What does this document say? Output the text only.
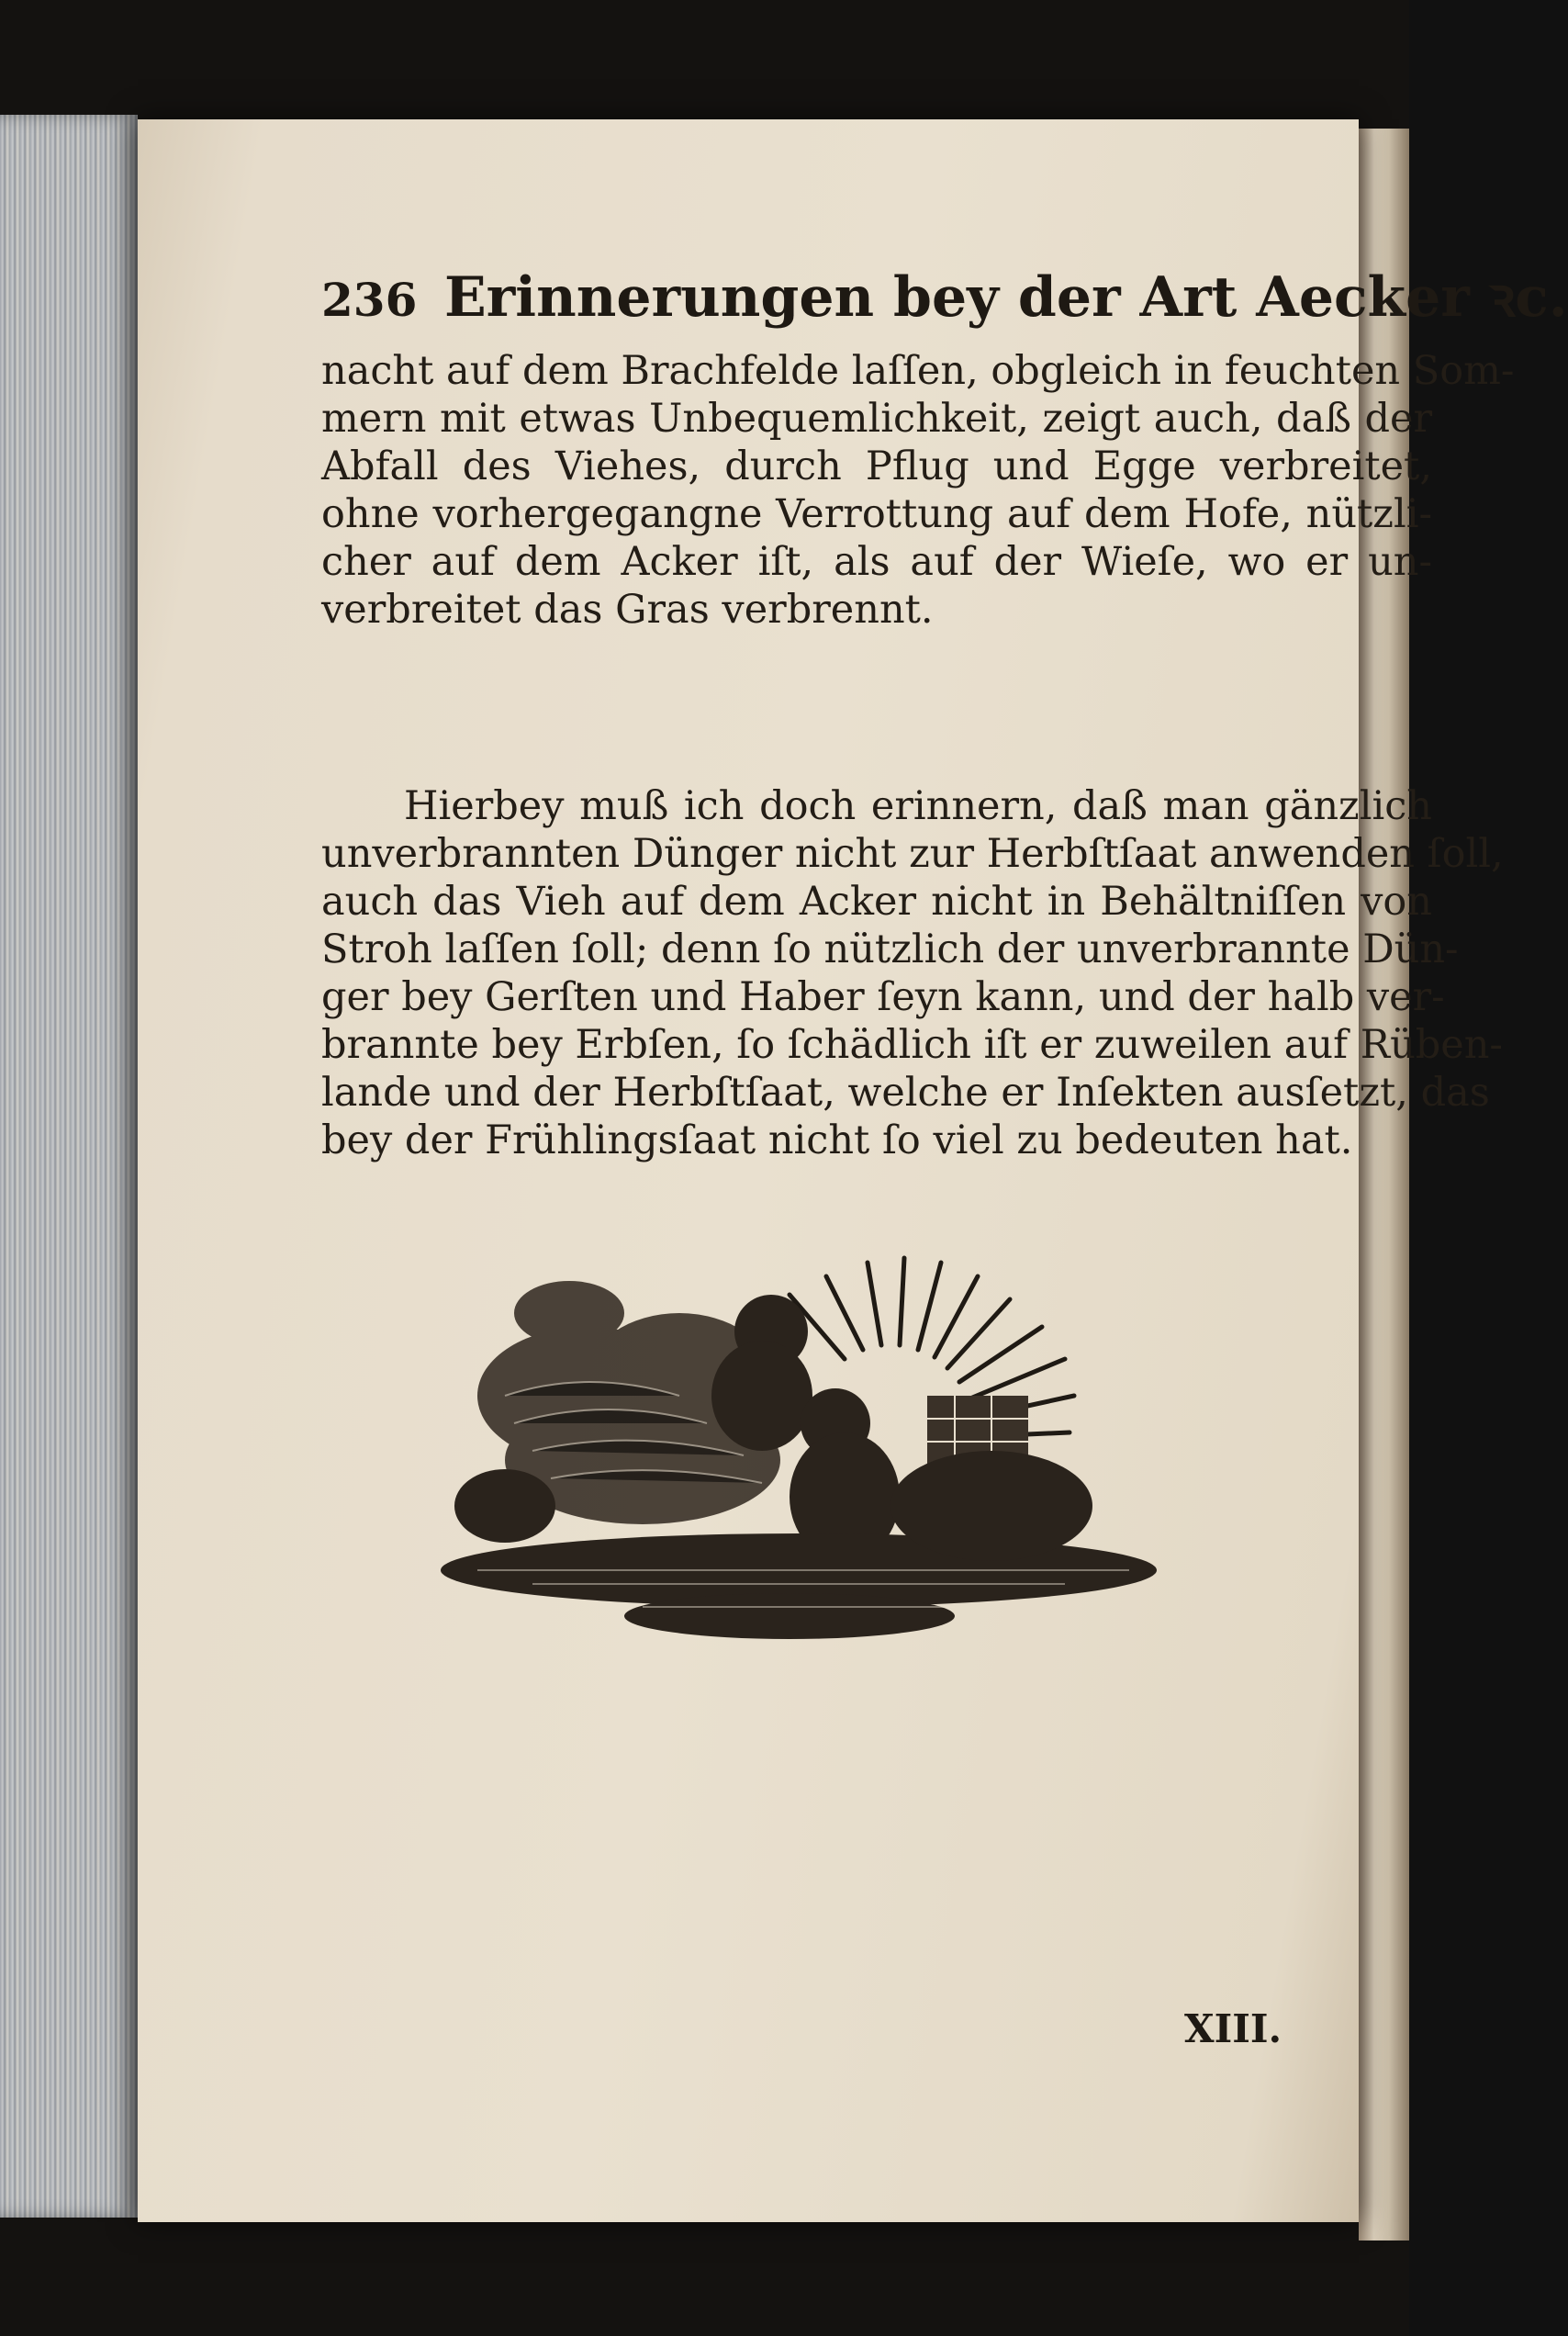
236 Erinnerungen bey der Art Aecker ꝛc.
nacht auf dem Brachfelde laſſen, obgleich in feuchten Som-
mern mit etwas Unbequemlichkeit, zeigt auch, daß der
Abfall des Viehes, durch Pflug und Egge verbreitet,
ohne vorhergegangne Verrottung auf dem Hofe, nützli-
cher auf dem Acker iſt, als auf der Wieſe, wo er un-
verbreitet das Gras verbrennt.
Hierbey muß ich doch erinnern, daß man gänzlich
unverbrannten Dünger nicht zur Herbſtſaat anwenden ſoll,
auch das Vieh auf dem Acker nicht in Behältniſſen von
Stroh laſſen ſoll; denn ſo nützlich der unverbrannte Dün-
ger bey Gerſten und Haber ſeyn kann, und der halb ver-
brannte bey Erbſen, ſo ſchädlich iſt er zuweilen auf Rüben-
lande und der Herbſtſaat, welche er Inſekten ausſetzt, das
bey der Frühlingsſaat nicht ſo viel zu bedeuten hat.
XIII.
